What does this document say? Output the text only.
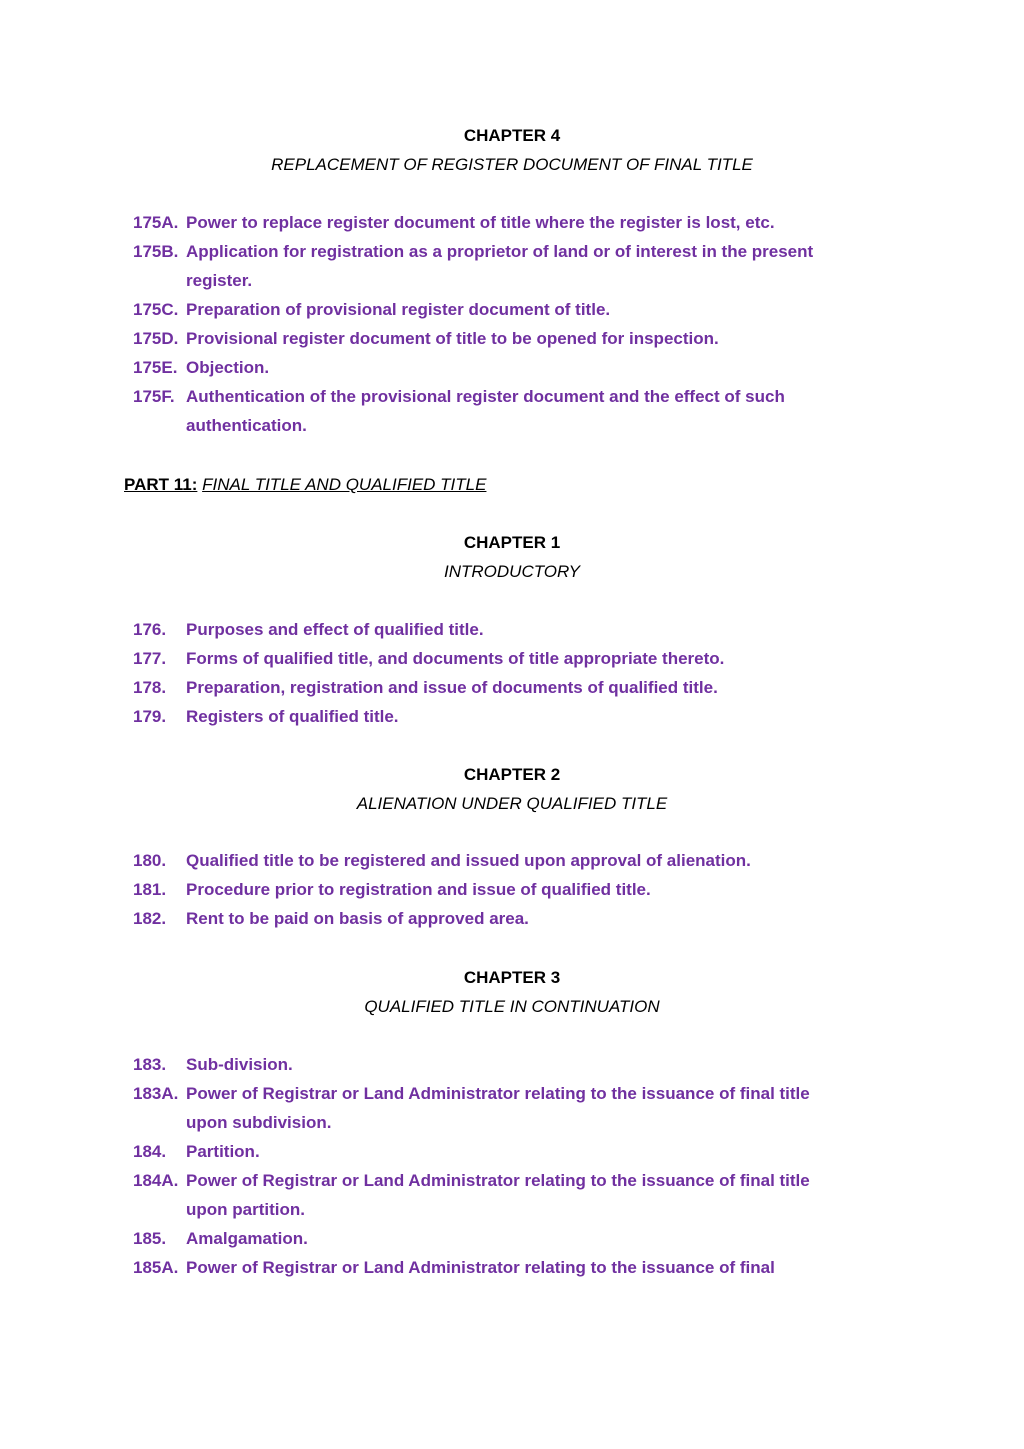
CHAPTER 4
REPLACEMENT OF REGISTER DOCUMENT OF FINAL TITLE
175A. Power to replace register document of title where the register is lost, etc.
175B. Application for registration as a proprietor of land or of interest in the present register.
175C. Preparation of provisional register document of title.
175D. Provisional register document of title to be opened for inspection.
175E. Objection.
175F. Authentication of the provisional register document and the effect of such authentication.
PART 11: FINAL TITLE AND QUALIFIED TITLE
CHAPTER 1
INTRODUCTORY
176. Purposes and effect of qualified title.
177. Forms of qualified title, and documents of title appropriate thereto.
178. Preparation, registration and issue of documents of qualified title.
179. Registers of qualified title.
CHAPTER 2
ALIENATION UNDER QUALIFIED TITLE
180. Qualified title to be registered and issued upon approval of alienation.
181. Procedure prior to registration and issue of qualified title.
182. Rent to be paid on basis of approved area.
CHAPTER 3
QUALIFIED TITLE IN CONTINUATION
183. Sub-division.
183A. Power of Registrar or Land Administrator relating to the issuance of final title upon subdivision.
184. Partition.
184A. Power of Registrar or Land Administrator relating to the issuance of final title upon partition.
185. Amalgamation.
185A. Power of Registrar or Land Administrator relating to the issuance of final
